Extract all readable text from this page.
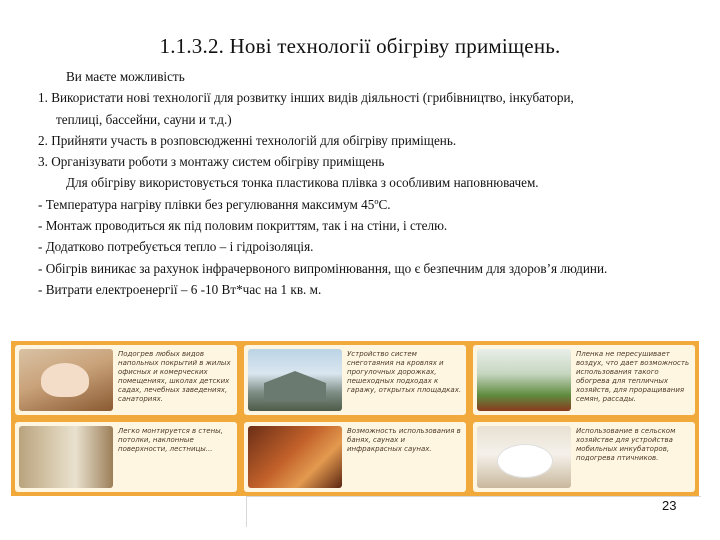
1.1.3.2. Нові технології обігріву приміщень.
Ви маєте можливість
1. Використати нові технології для розвитку інших видів діяльності (грибівництво, інкубатори,
теплиці, бассейни, сауни и т.д.)
2. Прийняти участь в розповсюдженні технологій для обігріву приміщень.
3. Організувати роботи з монтажу систем обігріву приміщень
Для обігріву використовується тонка пластикова плівка з особливим наповнювачем.
- Температура нагріву плівки без регулювання максимум 45ºС.
- Монтаж проводиться як під половим покриттям, так і на стіни, і стелю.
- Додатково потребується тепло – і гідроізоляція.
- Обігрів виникає за рахунок інфрачервоного випромінювання, що є безпечним для здоров’я людини.
- Витрати електроенергії – 6 -10 Вт*час на 1 кв. м.
Подогрев любых видов напольных покрытий в жилых офисных и комерческих помещениях, школах детских садах, лечебных заведениях, санаториях.
Устройство систем снеготаяния на кровлях и прогулочных дорожках, пешеходных подходах к гаражу, открытых площадках.
Пленка не пересушивает воздух, что дает возможность использования такого обогрева для тепличных хозяйств, для проращивания семян, рассады.
Легко монтируется в стены, потолки, наклонные поверхности, лестницы...
Возможность использования в банях, саунах и инфракрасных саунах.
Использование в сельском хозяйстве для устройства мобильных инкубаторов, подогрева птичников.
23
